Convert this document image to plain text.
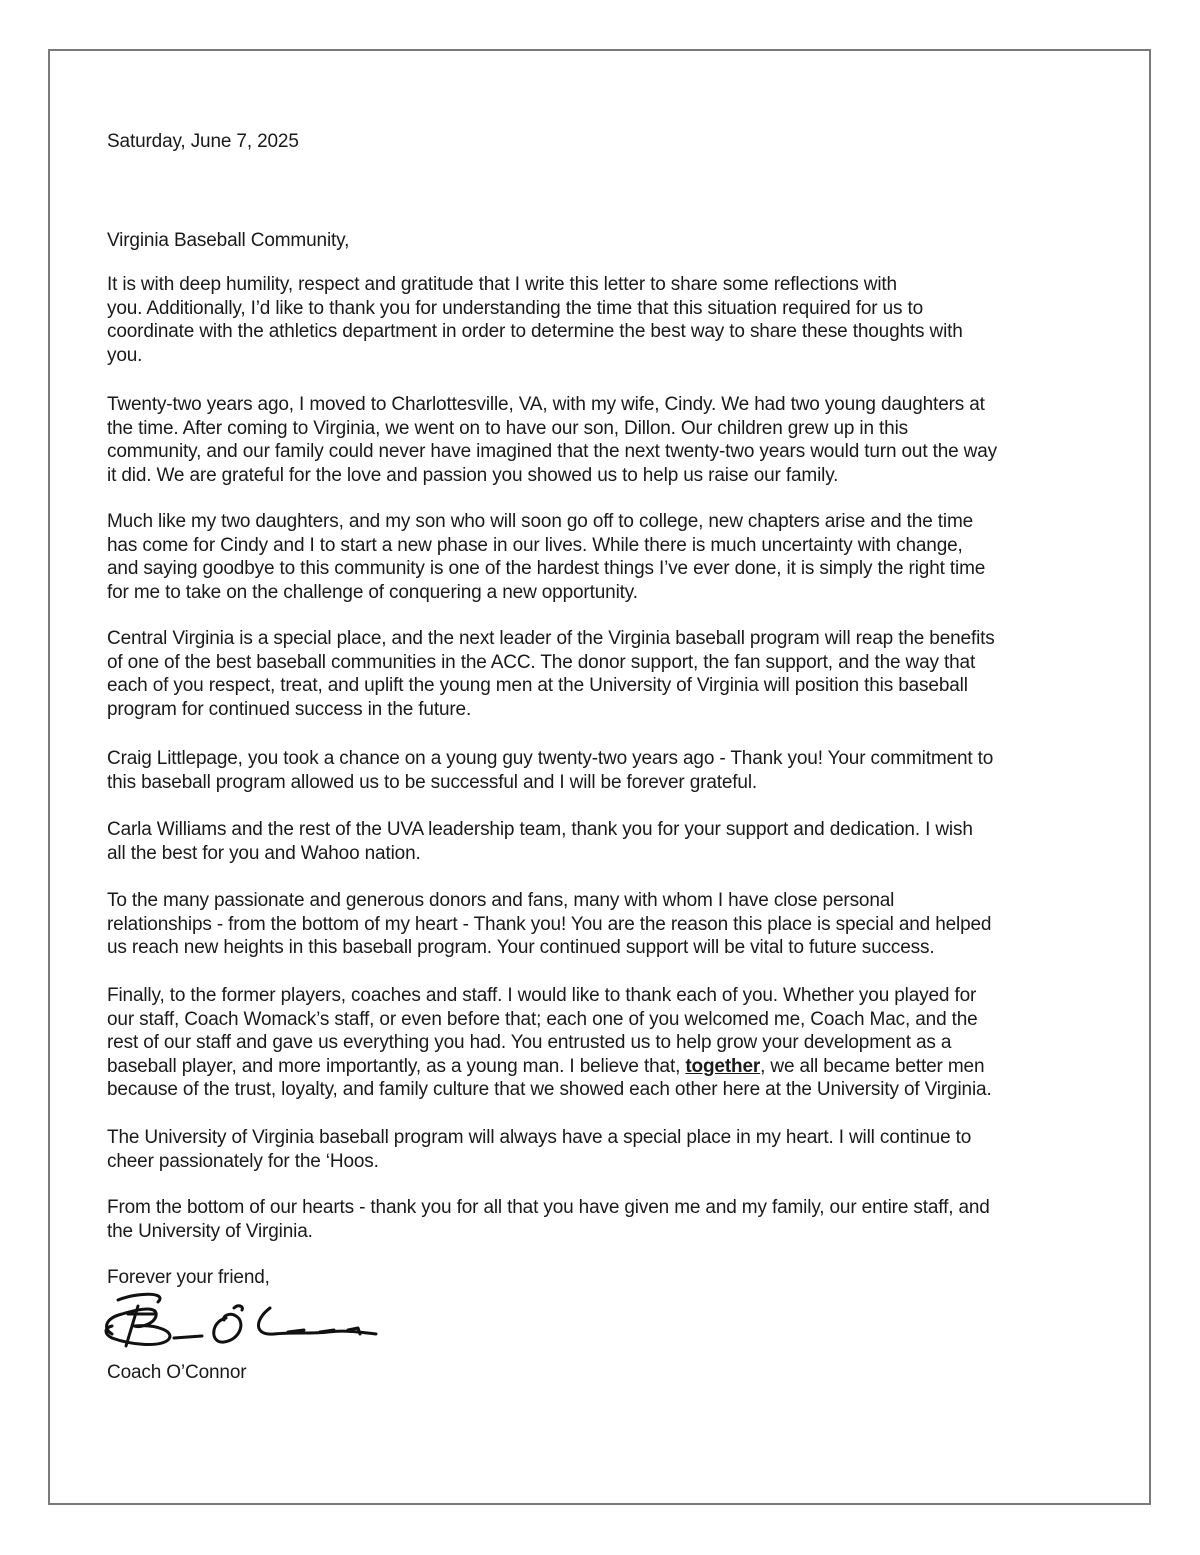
Saturday, June 7, 2025
Virginia Baseball Community,
It is with deep humility, respect and gratitude that I write this letter to share some reflections with
you. Additionally, I’d like to thank you for understanding the time that this situation required for us to
coordinate with the athletics department in order to determine the best way to share these thoughts with
you.
Twenty-two years ago, I moved to Charlottesville, VA, with my wife, Cindy. We had two young daughters at
the time. After coming to Virginia, we went on to have our son, Dillon. Our children grew up in this
community, and our family could never have imagined that the next twenty-two years would turn out the way
it did. We are grateful for the love and passion you showed us to help us raise our family.
Much like my two daughters, and my son who will soon go off to college, new chapters arise and the time
has come for Cindy and I to start a new phase in our lives. While there is much uncertainty with change,
and saying goodbye to this community is one of the hardest things I’ve ever done, it is simply the right time
for me to take on the challenge of conquering a new opportunity.
Central Virginia is a special place, and the next leader of the Virginia baseball program will reap the benefits
of one of the best baseball communities in the ACC. The donor support, the fan support, and the way that
each of you respect, treat, and uplift the young men at the University of Virginia will position this baseball
program for continued success in the future.
Craig Littlepage, you took a chance on a young guy twenty-two years ago - Thank you! Your commitment to
this baseball program allowed us to be successful and I will be forever grateful.
Carla Williams and the rest of the UVA leadership team, thank you for your support and dedication. I wish
all the best for you and Wahoo nation.
To the many passionate and generous donors and fans, many with whom I have close personal
relationships - from the bottom of my heart - Thank you! You are the reason this place is special and helped
us reach new heights in this baseball program. Your continued support will be vital to future success.
Finally, to the former players, coaches and staff. I would like to thank each of you. Whether you played for
our staff, Coach Womack’s staff, or even before that; each one of you welcomed me, Coach Mac, and the
rest of our staff and gave us everything you had. You entrusted us to help grow your development as a
baseball player, and more importantly, as a young man. I believe that, together, we all became better men
because of the trust, loyalty, and family culture that we showed each other here at the University of Virginia.
The University of Virginia baseball program will always have a special place in my heart. I will continue to
cheer passionately for the ‘Hoos.
From the bottom of our hearts - thank you for all that you have given me and my family, our entire staff, and
the University of Virginia.
Forever your friend,
Coach O’Connor
